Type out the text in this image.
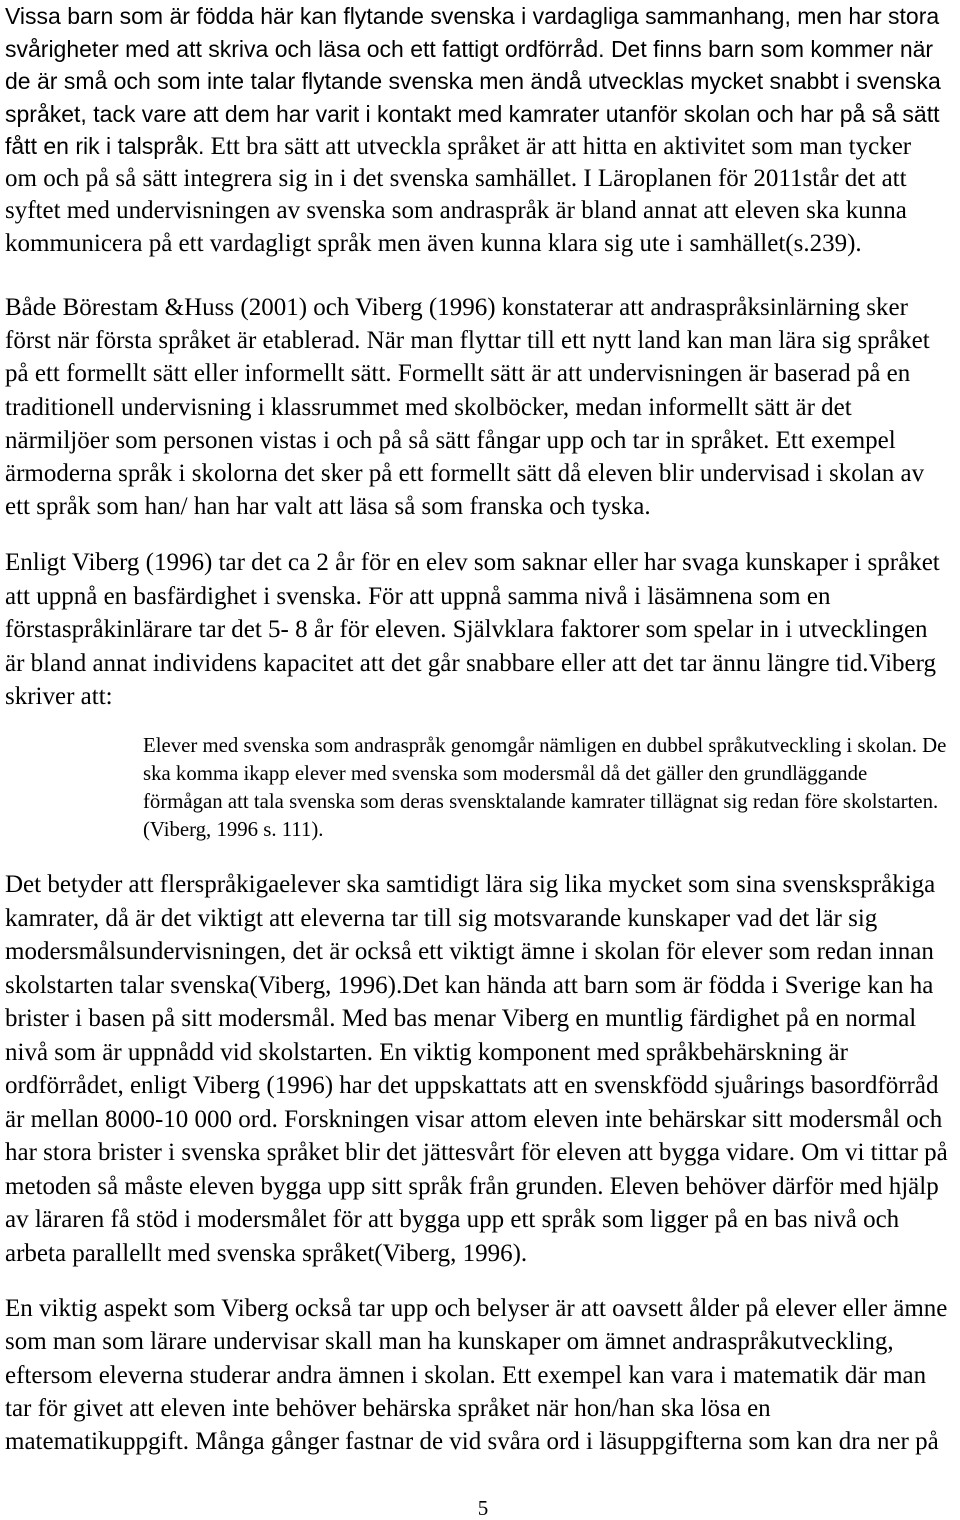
Vissa barn som är födda här kan flytande svenska i vardagliga sammanhang, men har stora
svårigheter med att skriva och läsa och ett fattigt ordförråd. Det finns barn som kommer när
de är små och som inte talar flytande svenska men ändå utvecklas mycket snabbt i svenska
språket, tack vare att dem har varit i kontakt med kamrater utanför skolan och har på så sätt
fått en rik i talspråk. Ett bra sätt att utveckla språket är att hitta en aktivitet som man tycker
om och på så sätt integrera sig in i det svenska samhället. I Läroplanen för 2011står det att
syftet med undervisningen av svenska som andraspråk är bland annat att eleven ska kunna
kommunicera på ett vardagligt språk men även kunna klara sig ute i samhället(s.239).
Både Börestam &Huss (2001) och Viberg (1996) konstaterar att andraspråksinlärning sker
först när första språket är etablerad. När man flyttar till ett nytt land kan man lära sig språket
på ett formellt sätt eller informellt sätt. Formellt sätt är att undervisningen är baserad på en
traditionell undervisning i klassrummet med skolböcker, medan informellt sätt är det
närmiljöer som personen vistas i och på så sätt fångar upp och tar in språket. Ett exempel
ärmoderna språk i skolorna det sker på ett formellt sätt då eleven blir undervisad i skolan av
ett språk som han/ han har valt att läsa så som franska och tyska.
Enligt Viberg (1996) tar det ca 2 år för en elev som saknar eller har svaga kunskaper i språket
att uppnå en basfärdighet i svenska. För att uppnå samma nivå i läsämnena som en
förstaspråkinlärare tar det 5- 8 år för eleven. Självklara faktorer som spelar in i utvecklingen
är bland annat individens kapacitet att det går snabbare eller att det tar ännu längre tid.Viberg
skriver att:
Elever med svenska som andraspråk genomgår nämligen en dubbel språkutveckling i skolan. De
ska komma ikapp elever med svenska som modersmål då det gäller den grundläggande
förmågan att tala svenska som deras svensktalande kamrater tillägnat sig redan före skolstarten.
(Viberg, 1996 s. 111).
Det betyder att flerspråkigaelever ska samtidigt lära sig lika mycket som sina svenskspråkiga
kamrater, då är det viktigt att eleverna tar till sig motsvarande kunskaper vad det lär sig
modersmålsundervisningen, det är också ett viktigt ämne i skolan för elever som redan innan
skolstarten talar svenska(Viberg, 1996).Det kan hända att barn som är födda i Sverige kan ha
brister i basen på sitt modersmål. Med bas menar Viberg en muntlig färdighet på en normal
nivå som är uppnådd vid skolstarten. En viktig komponent med språkbehärskning är
ordförrådet, enligt Viberg (1996) har det uppskattats att en svenskfödd sjuårings basordförråd
är mellan 8000-10 000 ord. Forskningen visar attom eleven inte behärskar sitt modersmål och
har stora brister i svenska språket blir det jättesvårt för eleven att bygga vidare. Om vi tittar på
metoden så måste eleven bygga upp sitt språk från grunden. Eleven behöver därför med hjälp
av läraren få stöd i modersmålet för att bygga upp ett språk som ligger på en bas nivå och
arbeta parallellt med svenska språket(Viberg, 1996).
En viktig aspekt som Viberg också tar upp och belyser är att oavsett ålder på elever eller ämne
som man som lärare undervisar skall man ha kunskaper om ämnet andraspråkutveckling,
eftersom eleverna studerar andra ämnen i skolan. Ett exempel kan vara i matematik där man
tar för givet att eleven inte behöver behärska språket när hon/han ska lösa en
matematikuppgift. Många gånger fastnar de vid svåra ord i läsuppgifterna som kan dra ner på
5
